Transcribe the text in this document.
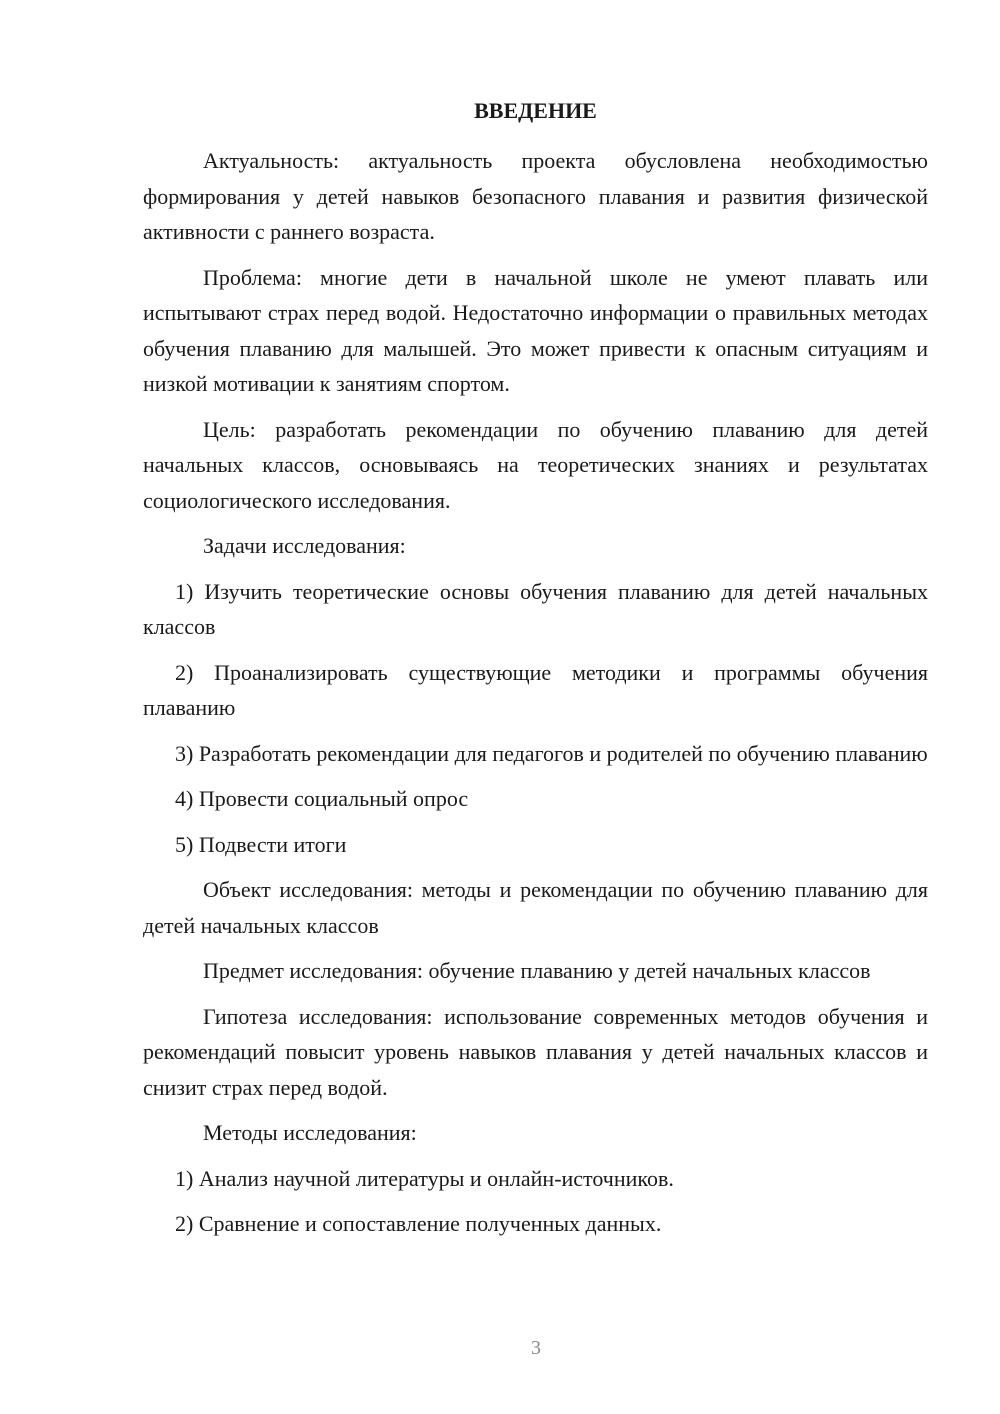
ВВЕДЕНИЕ

Актуальность: актуальность проекта обусловлена необходимостью формирования у детей навыков безопасного плавания и развития физической активности с раннего возраста.

Проблема: многие дети в начальной школе не умеют плавать или испытывают страх перед водой. Недостаточно информации о правильных методах обучения плаванию для малышей. Это может привести к опасным ситуациям и низкой мотивации к занятиям спортом.

Цель: разработать рекомендации по обучению плаванию для детей начальных классов, основываясь на теоретических знаниях и результатах социологического исследования.

Задачи исследования:

1) Изучить теоретические основы обучения плаванию для детей начальных классов

2) Проанализировать существующие методики и программы обучения плаванию

3) Разработать рекомендации для педагогов и родителей по обучению плаванию

4) Провести социальный опрос

5) Подвести итоги

Объект исследования: методы и рекомендации по обучению плаванию для детей начальных классов

Предмет исследования: обучение плаванию у детей начальных классов

Гипотеза исследования: использование современных методов обучения и рекомендаций повысит уровень навыков плавания у детей начальных классов и снизит страх перед водой.

Методы исследования:

1) Анализ научной литературы и онлайн-источников.

2) Сравнение и сопоставление полученных данных.

3
